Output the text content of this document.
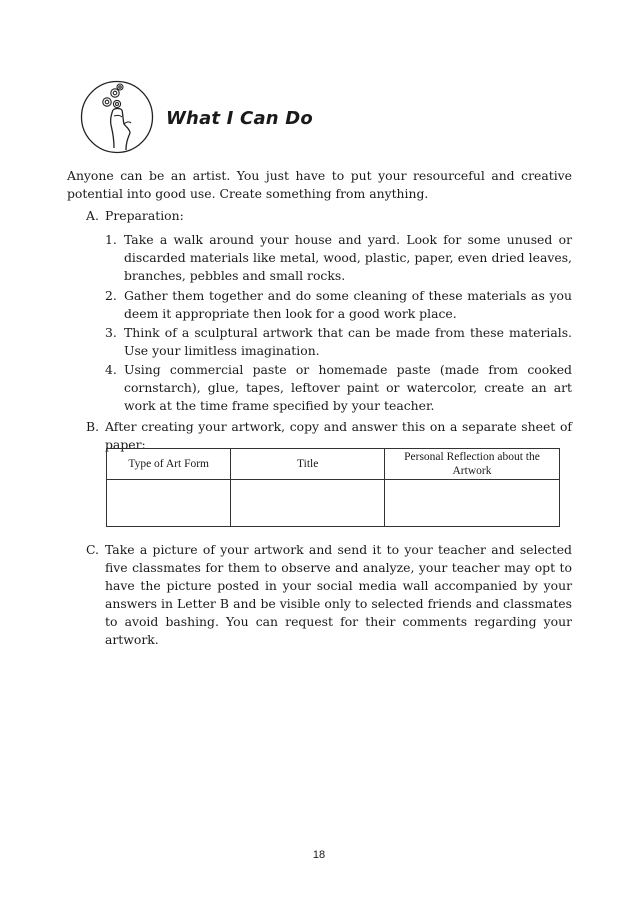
What I Can Do

Anyone can be an artist. You just have to put your resourceful and creative potential into good use. Create something from anything.

A. Preparation:
1. Take a walk around your house and yard. Look for some unused or discarded materials like metal, wood, plastic, paper, even dried leaves, branches, pebbles and small rocks.
2. Gather them together and do some cleaning of these materials as you deem it appropriate then look for a good work place.
3. Think of a sculptural artwork that can be made from these materials. Use your limitless imagination.
4. Using commercial paste or homemade paste (made from cooked cornstarch), glue, tapes, leftover paint or watercolor, create an art work at the time frame specified by your teacher.
B. After creating your artwork, copy and answer this on a separate sheet of paper:
Type of Art Form	Title	Personal Reflection about the Artwork

C. Take a picture of your artwork and send it to your teacher and selected five classmates for them to observe and analyze, your teacher may opt to have the picture posted in your social media wall accompanied by your answers in Letter B and be visible only to selected friends and classmates to avoid bashing. You can request for their comments regarding your artwork.
18
